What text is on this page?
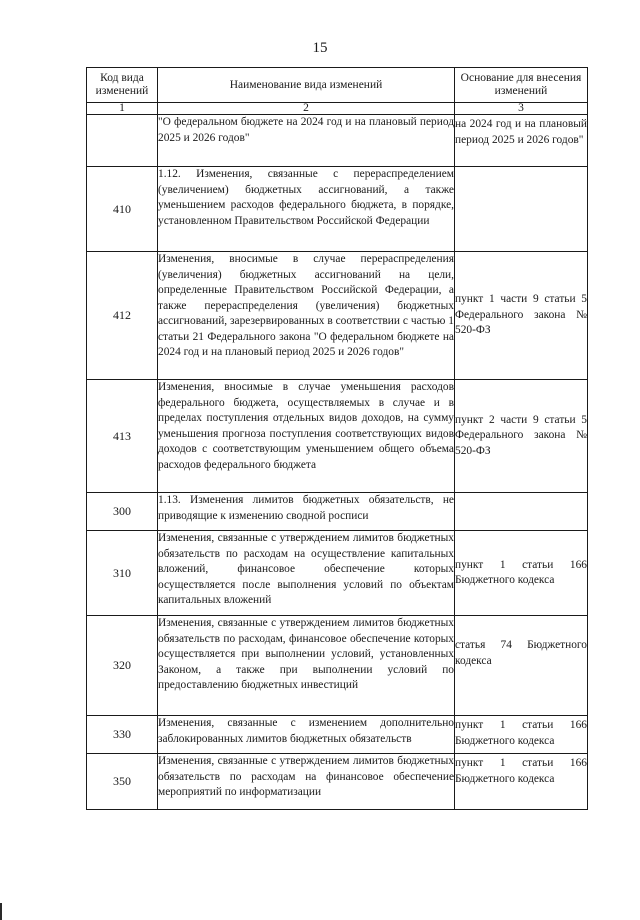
15
Код вида изменений	Наименование вида изменений	Основание для внесения изменений
1	2	3
	"О федеральном бюджете на 2024 год и на плановый период 2025 и 2026 годов"	на 2024 год и на плановый период 2025 и 2026 годов"
410	1.12. Изменения, связанные с перераспределением (увеличением) бюджетных ассигнований, а также уменьшением расходов федерального бюджета, в порядке, установленном Правительством Российской Федерации	
412	Изменения, вносимые в случае перераспределения (увеличения) бюджетных ассигнований на цели, определенные Правительством Российской Федерации, а также перераспределения (увеличения) бюджетных ассигнований, зарезервированных в соответствии с частью 1 статьи 21 Федерального закона "О федеральном бюджете на 2024 год и на плановый период 2025 и 2026 годов"	пункт 1 части 9 статьи 5 Федерального закона № 520-ФЗ
413	Изменения, вносимые в случае уменьшения расходов федерального бюджета, осуществляемых в случае и в пределах поступления отдельных видов доходов, на сумму уменьшения прогноза поступления соответствующих видов доходов с соответствующим уменьшением общего объема расходов федерального бюджета	пункт 2 части 9 статьи 5 Федерального закона № 520-ФЗ
300	1.13. Изменения лимитов бюджетных обязательств, не приводящие к изменению сводной росписи	
310	Изменения, связанные с утверждением лимитов бюджетных обязательств по расходам на осуществление капитальных вложений, финансовое обеспечение которых осуществляется после выполнения условий по объектам капитальных вложений	пункт 1 статьи 166 Бюджетного кодекса
320	Изменения, связанные с утверждением лимитов бюджетных обязательств по расходам, финансовое обеспечение которых осуществляется при выполнении условий, установленных Законом, а также при выполнении условий по предоставлению бюджетных инвестиций	статья 74 Бюджетного кодекса
330	Изменения, связанные с изменением дополнительно заблокированных лимитов бюджетных обязательств	пункт 1 статьи 166 Бюджетного кодекса
350	Изменения, связанные с утверждением лимитов бюджетных обязательств по расходам на финансовое обеспечение мероприятий по информатизации	пункт 1 статьи 166 Бюджетного кодекса
